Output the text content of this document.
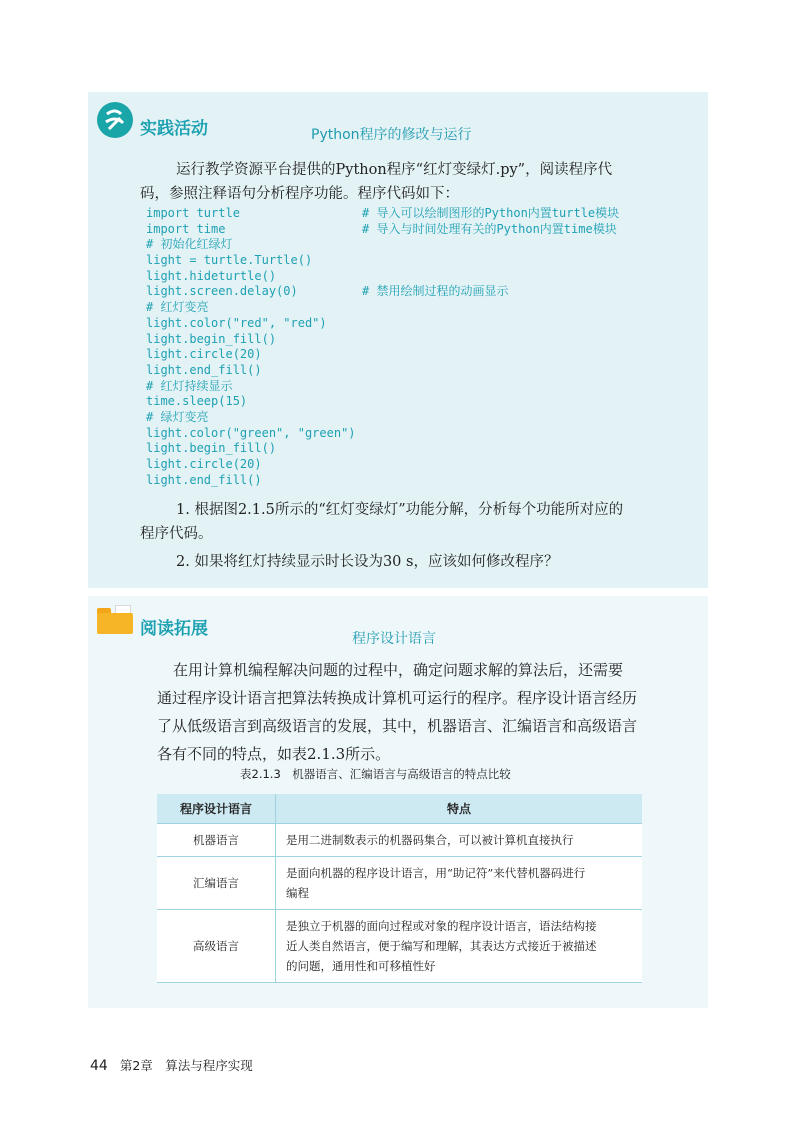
实践活动	Python程序的修改与运行
运行教学资源平台提供的Python程序“红灯变绿灯.py”，阅读程序代
码，参照注释语句分析程序功能。程序代码如下：
import turtle	# 导入可以绘制图形的Python内置turtle模块
import time	# 导入与时间处理有关的Python内置time模块
# 初始化红绿灯
light = turtle.Turtle()
light.hideturtle()
light.screen.delay(0)	# 禁用绘制过程的动画显示
# 红灯变亮
light.color("red", "red")
light.begin_fill()
light.circle(20)
light.end_fill()
# 红灯持续显示
time.sleep(15)
# 绿灯变亮
light.color("green", "green")
light.begin_fill()
light.circle(20)
light.end_fill()
1. 根据图2.1.5所示的“红灯变绿灯”功能分解，分析每个功能所对应的
程序代码。
2. 如果将红灯持续显示时长设为30 s，应该如何修改程序？
阅读拓展	程序设计语言

在用计算机编程解决问题的过程中，确定问题求解的算法后，还需要

通过程序设计语言把算法转换成计算机可运行的程序。程序设计语言经历

了从低级语言到高级语言的发展，其中，机器语言、汇编语言和高级语言

各有不同的特点，如表2.1.3所示。

表2.1.3　机器语言、汇编语言与高级语言的特点比较
程序设计语言	特点
机器语言	是用二进制数表示的机器码集合，可以被计算机直接执行

汇编语言	是面向机器的程序设计语言，用“助记符”来代替机器码进行
编程

高级语言	是独立于机器的面向过程或对象的程序设计语言，语法结构接
近人类自然语言，便于编写和理解，其表达方式接近于被描述
的问题，通用性和可移植性好
44 第2章　算法与程序实现
